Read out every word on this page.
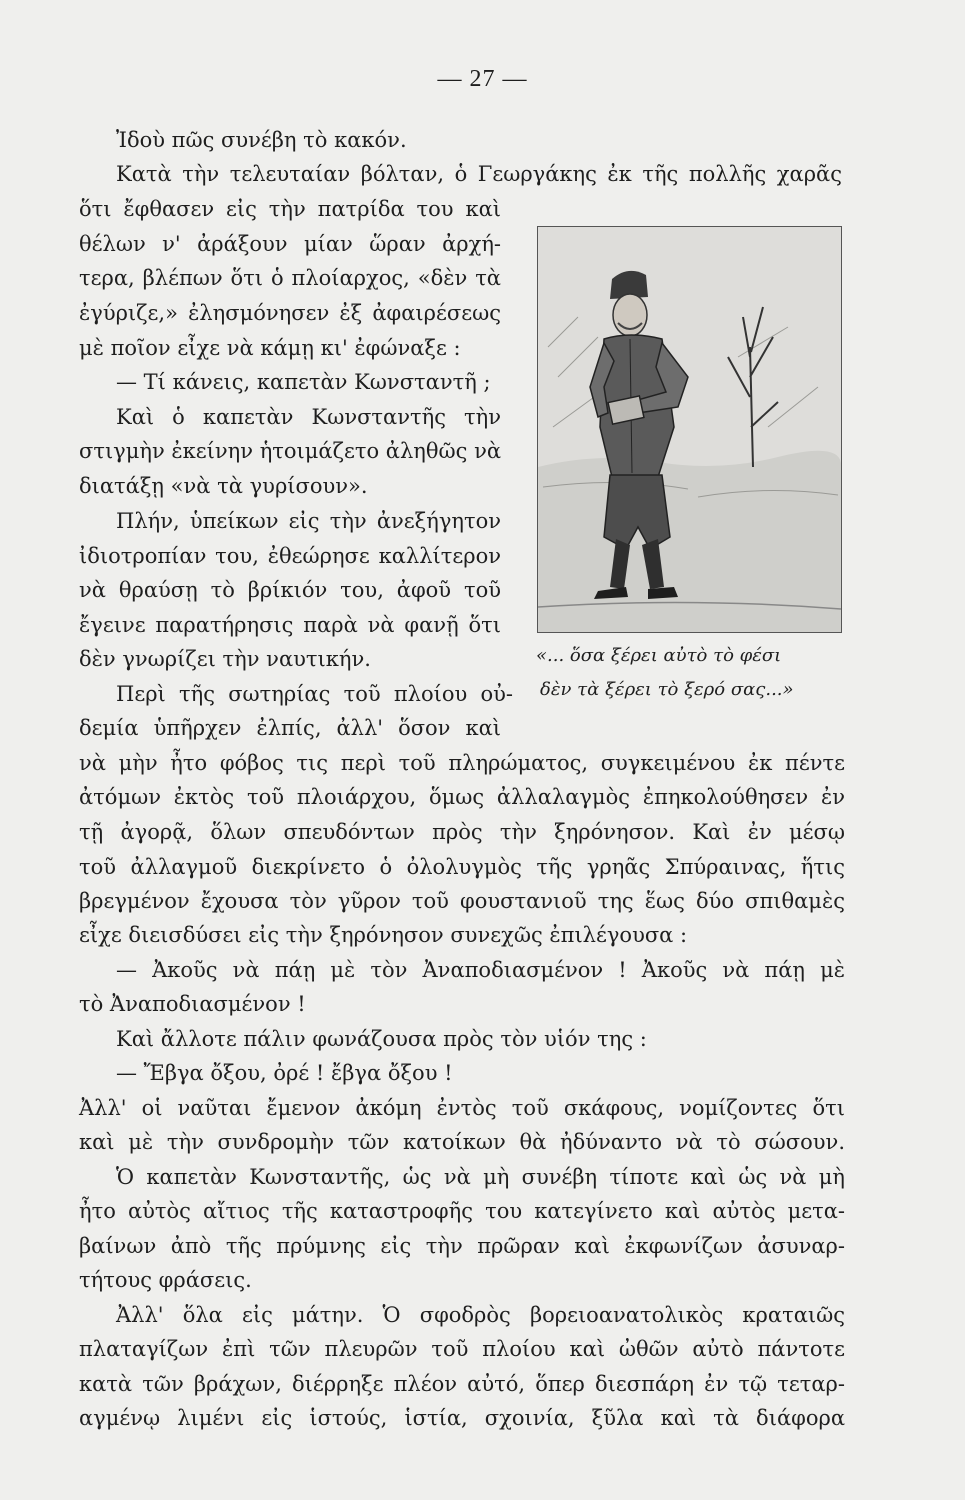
— 27 —
Ἰδοὺ πῶς συνέβη τὸ κακόν.
Κατὰ τὴν τελευταίαν βόλταν, ὁ Γεωργάκης ἐκ τῆς πολλῆς χαρᾶς
ὅτι ἔφθασεν εἰς τὴν πατρίδα του καὶ
θέλων ν' ἀράξουν μίαν ὥραν ἀρχή-
τερα, βλέπων ὅτι ὁ πλοίαρχος, «δὲν τὰ
ἐγύριζε,» ἐλησμόνησεν ἐξ ἀφαιρέσεως
μὲ ποῖον εἶχε νὰ κάμῃ κι' ἐφώναξε :
— Τί κάνεις, καπετὰν Κωνσταντῆ ;
Καὶ ὁ καπετὰν Κωνσταντῆς τὴν
στιγμὴν ἐκείνην ἡτοιμάζετο ἀληθῶς νὰ
διατάξῃ «νὰ τὰ γυρίσουν».
Πλήν, ὑπείκων εἰς τὴν ἀνεξήγητον
ἰδιοτροπίαν του, ἐθεώρησε καλλίτερον
νὰ θραύσῃ τὸ βρίκιόν του, ἀφοῦ τοῦ
ἔγεινε παρατήρησις παρὰ νὰ φανῇ ὅτι
δὲν γνωρίζει τὴν ναυτικήν.
Περὶ τῆς σωτηρίας τοῦ πλοίου οὐ-
δεμία ὑπῆρχεν ἐλπίς, ἀλλ' ὅσον καὶ
νὰ μὴν ἦτο φόβος τις περὶ τοῦ πληρώματος, συγκειμένου ἐκ πέντε
ἀτόμων ἐκτὸς τοῦ πλοιάρχου, ὅμως ἀλλαλαγμὸς ἐπηκολούθησεν ἐν
τῇ ἀγορᾷ, ὅλων σπευδόντων πρὸς τὴν ξηρόνησον. Καὶ ἐν μέσῳ
τοῦ ἀλλαγμοῦ διεκρίνετο ὁ ὀλολυγμὸς τῆς γρηᾶς Σπύραινας, ἥτις
βρεγμένον ἔχουσα τὸν γῦρον τοῦ φουστανιοῦ της ἕως δύο σπιθαμὲς
εἶχε διεισδύσει εἰς τὴν ξηρόνησον συνεχῶς ἐπιλέγουσα :
— Ἀκοῦς νὰ πάῃ μὲ τὸν Ἀναποδιασμένον ! Ἀκοῦς νὰ πάῃ μὲ
τὸ Ἀναποδιασμένον !
Καὶ ἄλλοτε πάλιν φωνάζουσα πρὸς τὸν υἱόν της :
— Ἔβγα ὄξου, ὀρέ ! ἔβγα ὄξου !
Ἀλλ' οἱ ναῦται ἔμενον ἀκόμη ἐντὸς τοῦ σκάφους, νομίζοντες ὅτι
καὶ μὲ τὴν συνδρομὴν τῶν κατοίκων θὰ ἠδύναντο νὰ τὸ σώσουν.
Ὁ καπετὰν Κωνσταντῆς, ὡς νὰ μὴ συνέβη τίποτε καὶ ὡς νὰ μὴ
ἦτο αὐτὸς αἴτιος τῆς καταστροφῆς του κατεγίνετο καὶ αὐτὸς μετα-
βαίνων ἀπὸ τῆς πρύμνης εἰς τὴν πρῶραν καὶ ἐκφωνίζων ἀσυναρ-
τήτους φράσεις.
Ἀλλ' ὅλα εἰς μάτην. Ὁ σφοδρὸς βορειοανατολικὸς κραταιῶς
πλαταγίζων ἐπὶ τῶν πλευρῶν τοῦ πλοίου καὶ ὠθῶν αὐτὸ πάντοτε
κατὰ τῶν βράχων, διέρρηξε πλέον αὐτό, ὅπερ διεσπάρη ἐν τῷ τεταρ-
αγμένῳ λιμένι εἰς ἱστούς, ἱστία, σχοινία, ξῦλα καὶ τὰ διάφορα
«... ὅσα ξέρει αὐτὸ τὸ φέσι
δὲν τὰ ξέρει τὸ ξερό σας...»
